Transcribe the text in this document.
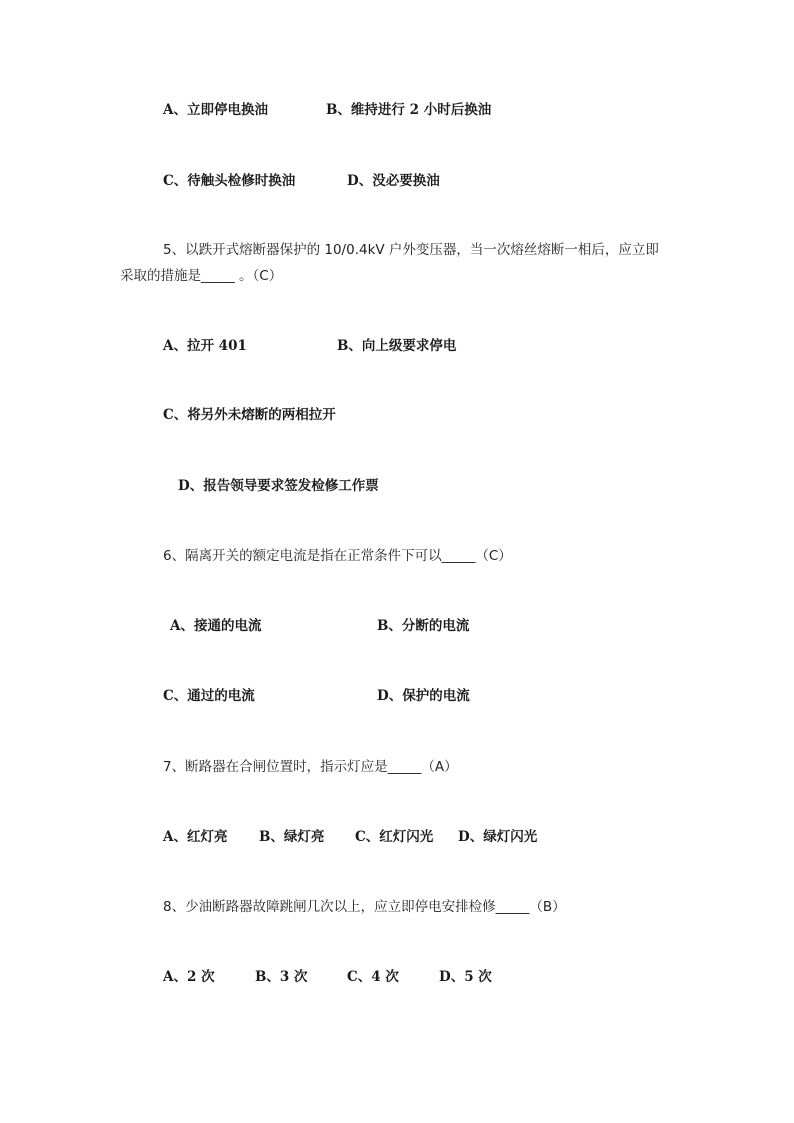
A、立即停电换油	B、维持进行 2 小时后换油
C、待触头检修时换油	D、没必要换油
5、以跌开式熔断器保护的 10/0.4kV 户外变压器，当一次熔丝熔断一相后，应立即
采取的措施是_____ 。（C）
A、拉开 401	B、向上级要求停电
C、将另外未熔断的两相拉开
D、报告领导要求签发检修工作票
6、隔离开关的额定电流是指在正常条件下可以_____（C）
A、接通的电流	B、分断的电流
C、通过的电流	D、保护的电流
7、断路器在合闸位置时，指示灯应是_____（A）
A、红灯亮 B、绿灯亮 C、红灯闪光 D、绿灯闪光
8、少油断路器故障跳闸几次以上，应立即停电安排检修_____（B）
A、2 次	B、3 次	C、4 次	D、5 次
